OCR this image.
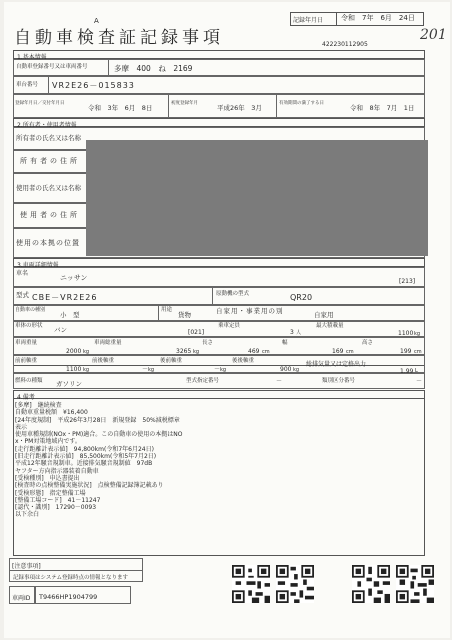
A
自動車検査証記録事項
記録年月日	令和　7年　6月　24日
201
422230112905
1.基本情報
自動車登録番号又は車両番号	多摩　400　ね　2169
車台番号 VR2E26－015833
登録年月日／交付年月日
令和　3年　6月　8日
初度登録年月
平成26年　3月
有効期間の満了する日
令和　8年　7月　1日
2.所有者・使用者情報
所有者の氏名又は名称
所有者の住所
使用者の氏名又は名称
使用者の住所
使用の本拠の位置
3.車両詳細情報
車名
ニッサン	[213]
型式 CBE－VR2E26	原動機の型式	QR20
自動車の種別
小　型
用途
貨物	自家用・事業用の別	自家用
車体の形状 バン	[021]
乗車定員
3 人
最大積載量
1100 kg
車両重量
2000 kg
車両総重量
3265 kg
長さ
469 cm
幅
169 cm
高さ
199 cm
前前軸重
1100 kg
前後軸重
－ kg
後前軸重
－ kg
後後軸重
900 kg
総排気量又は定格出力
1.99 L
燃料の種類 ガソリン	型式指定番号	－	類別区分番号	－
4.備考
[多摩]　継続検査
自動車重量税額　¥16,400
[24年度規制]　平成26年3月28日　新規登録　50%減税標章
表示
使用車種規制(NOx・PM)適合。この自動車の使用の本拠はNO
x・PM対策地域内です。
[走行距離計表示値]　94,800km(令和7年6月24日)
[旧走行距離計表示値]　85,500km(令和5年7月2日)
平成12年騒音規制車。近接排気騒音規制値　97dB
ヤフター方向指示器装着自動車
[受検種別]　申込書提出
[検査時の点検整備実施状況]　点検整備記録簿記載あり
[受検形態]　指定整備工場
[整備工場コード]　41－11247
[認代・識別]　17290－0093
以下余白
[注意事項]
記録事項はシステム登録時点の情報となります
車両ID	T9466HP1904799
